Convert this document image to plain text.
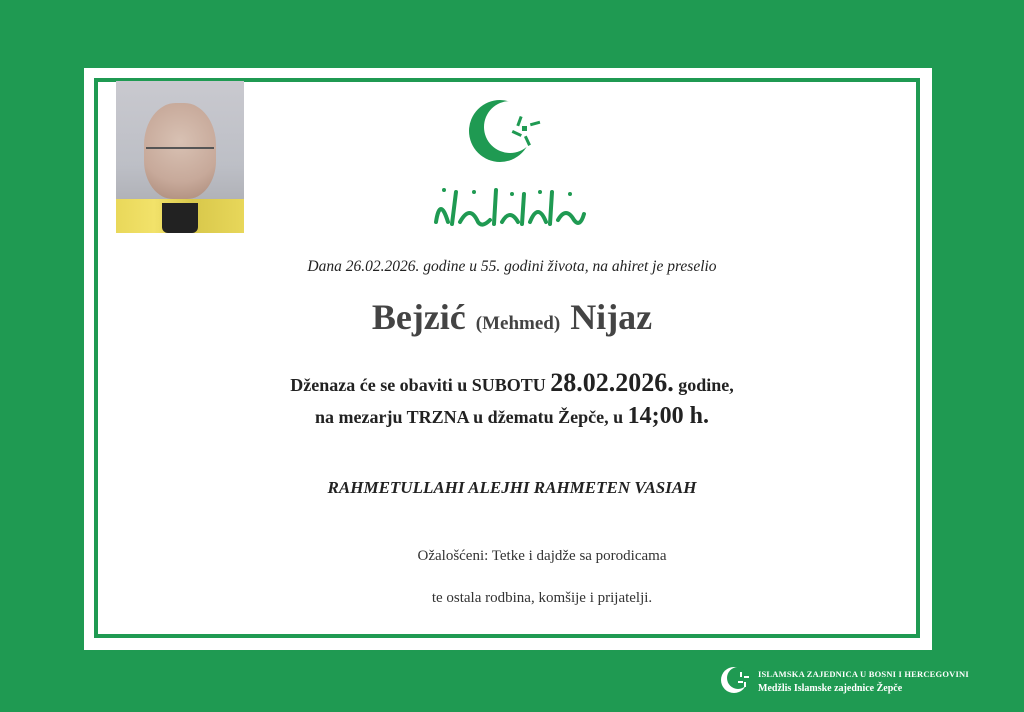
Dana 26.02.2026. godine u 55. godini života, na ahiret je preselio
Bejzić (Mehmed) Nijaz
Dženaza će se obaviti u SUBOTU 28.02.2026. godine,
na mezarju TRZNA u džematu Žepče, u 14;00 h.
RAHMETULLAHI ALEJHI RAHMETEN VASIAH
Ožalošćeni: Tetke i dajdže sa porodicama
te ostala rodbina, komšije i prijatelji.
ISLAMSKA ZAJEDNICA U BOSNI I HERCEGOVINI
Medžlis Islamske zajednice Žepče
